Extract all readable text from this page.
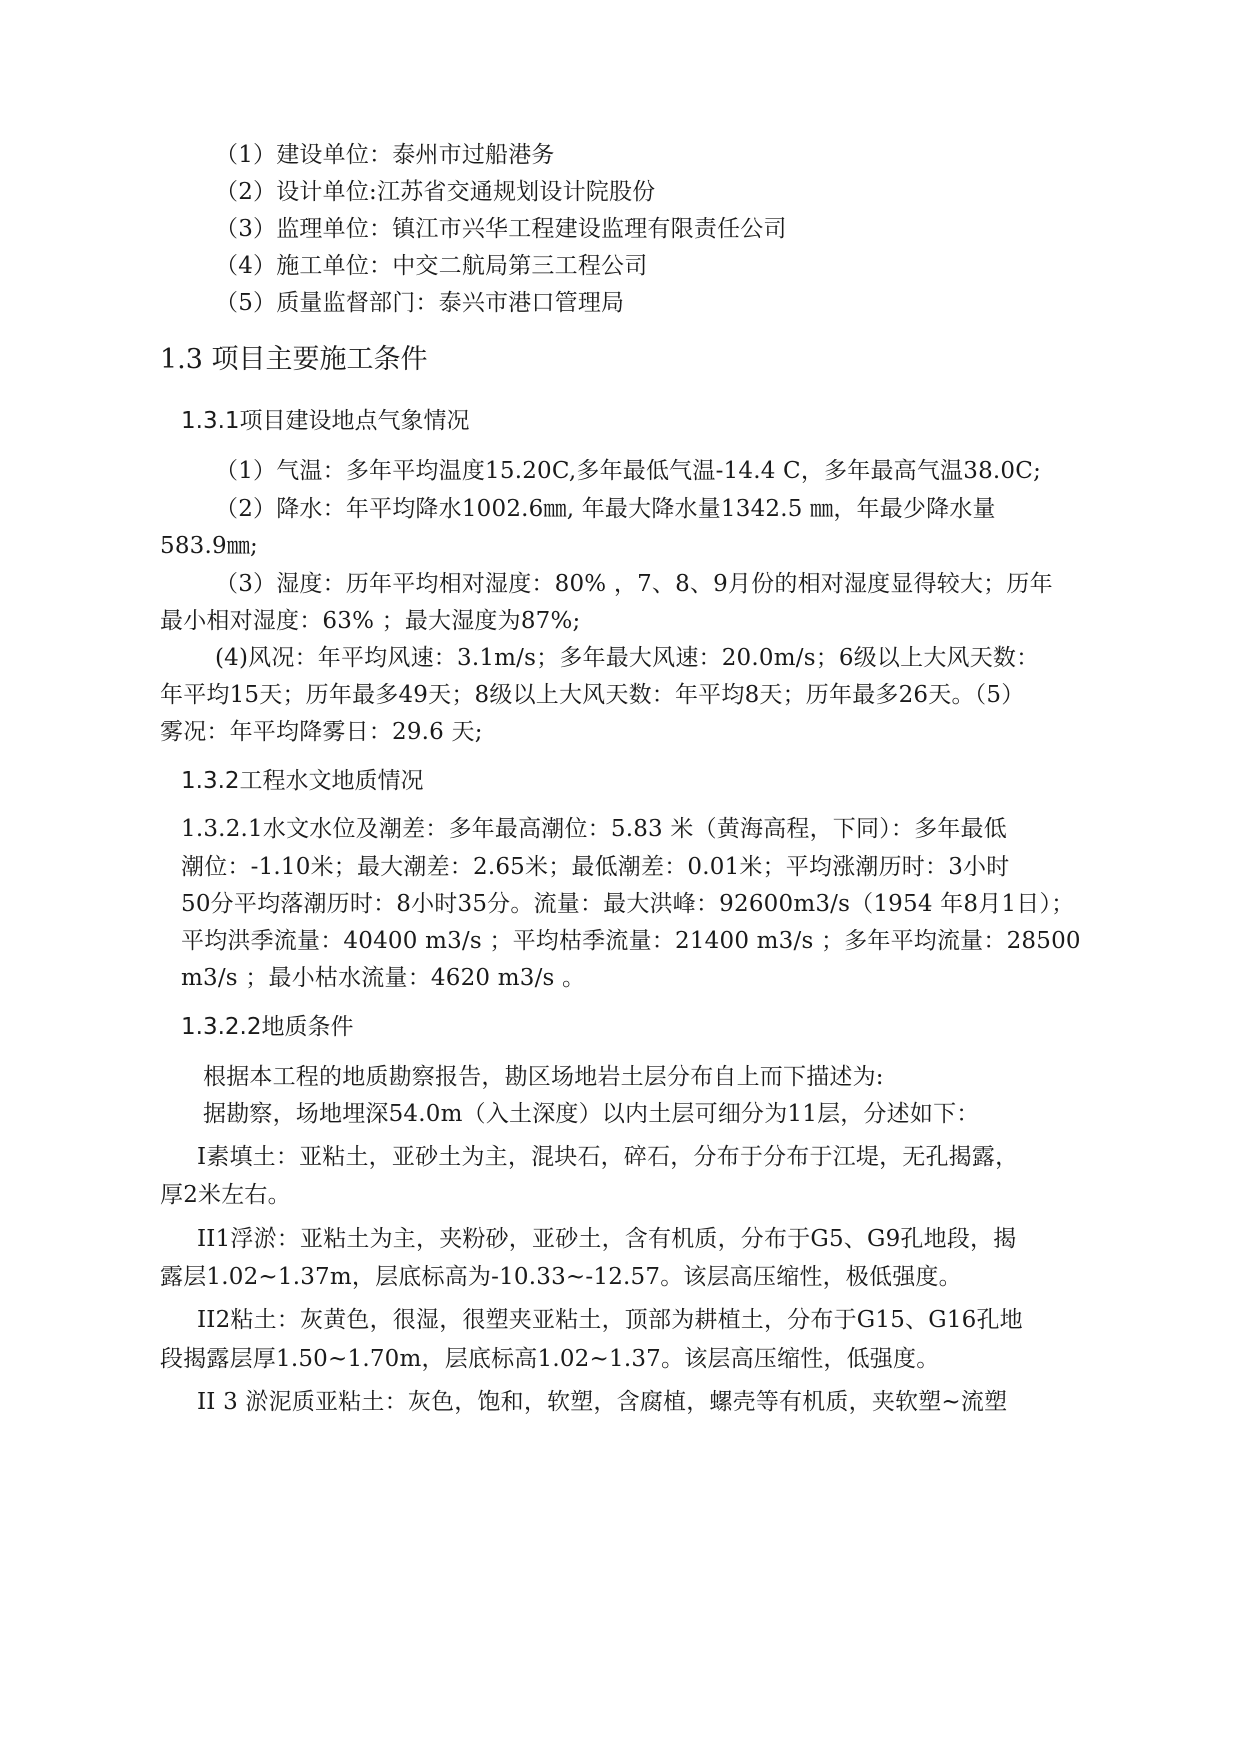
（1）建设单位：泰州市过船港务
（2）设计单位:江苏省交通规划设计院股份
（3）监理单位：镇江市兴华工程建设监理有限责任公司
（4）施工单位：中交二航局第三工程公司
（5）质量监督部门：泰兴市港口管理局
1.3 项目主要施工条件
1.3.1项目建设地点气象情况
（1）气温：多年平均温度15.20C,多年最低气温-14.4 C，多年最高气温38.0C;
（2）降水：年平均降水1002.6㎜, 年最大降水量1342.5 ㎜，年最少降水量
583.9㎜;
（3）湿度：历年平均相对湿度：80% ，7、8、9月份的相对湿度显得较大；历年
最小相对湿度：63% ；最大湿度为87%;
(4)风况：年平均风速：3.1m/s；多年最大风速：20.0m/s；6级以上大风天数：
年平均15天；历年最多49天；8级以上大风天数：年平均8天；历年最多26天。（5）
雾况：年平均降雾日：29.6 天;
1.3.2工程水文地质情况
1.3.2.1水文水位及潮差：多年最高潮位：5.83 米（黄海高程，下同）：多年最低
潮位：-1.10米；最大潮差：2.65米；最低潮差：0.01米；平均涨潮历时：3小时
50分平均落潮历时：8小时35分。流量：最大洪峰：92600m3/s（1954 年8月1日）；
平均洪季流量：40400 m3/s ；平均枯季流量：21400 m3/s ；多年平均流量：28500
m3/s ；最小枯水流量：4620 m3/s 。
1.3.2.2地质条件
根据本工程的地质勘察报告，勘区场地岩土层分布自上而下描述为:
据勘察，场地埋深54.0m（入土深度）以内土层可细分为11层，分述如下：
I素填土：亚粘土，亚砂土为主，混块石，碎石，分布于分布于江堤，无孔揭露，
厚2米左右。
II1浮淤：亚粘土为主，夹粉砂，亚砂土，含有机质，分布于G5、G9孔地段，揭
露层1.02~1.37m，层底标高为-10.33~-12.57。该层高压缩性，极低强度。
II2粘土：灰黄色，很湿，很塑夹亚粘土，顶部为耕植土，分布于G15、G16孔地
段揭露层厚1.50~1.70m，层底标高1.02~1.37。该层高压缩性，低强度。
II 3 淤泥质亚粘土：灰色，饱和，软塑，含腐植，螺壳等有机质，夹软塑~流塑
